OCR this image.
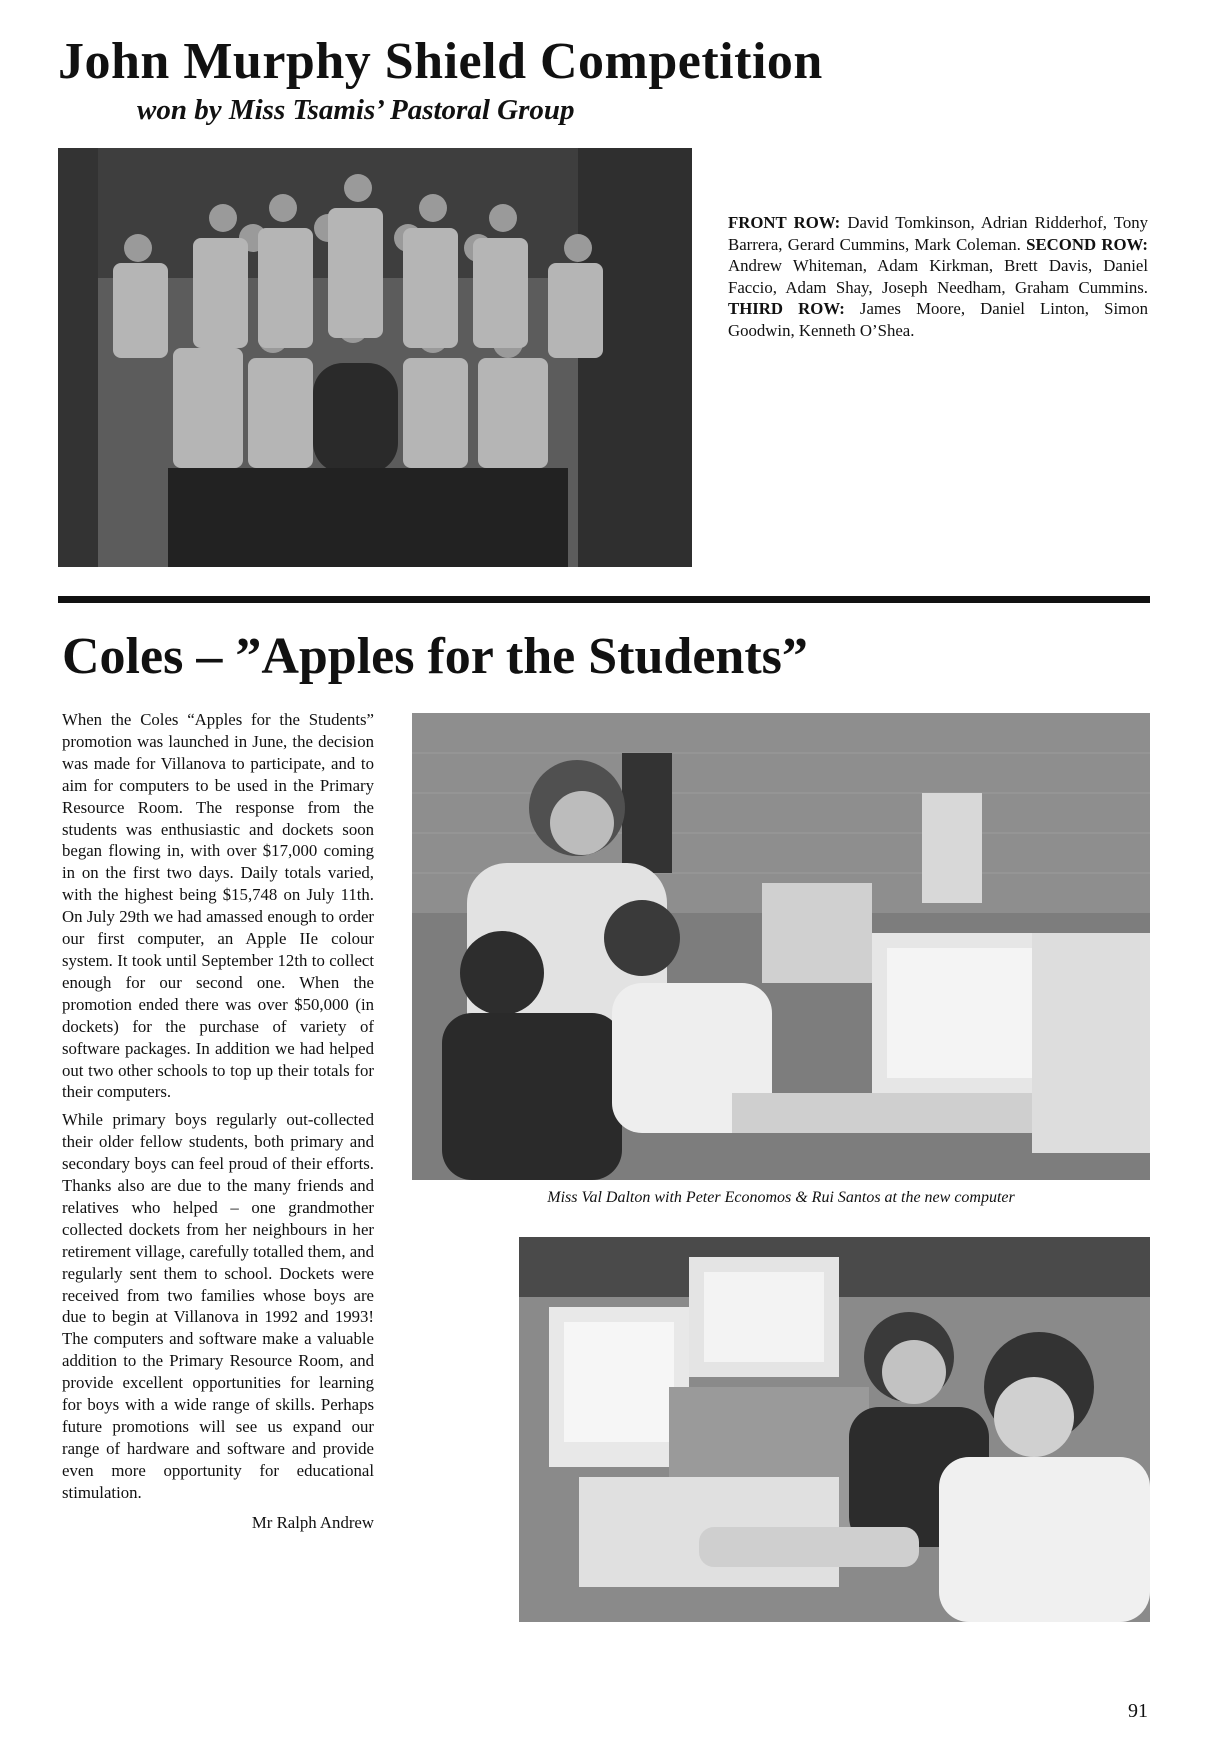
John Murphy Shield Competition
won by Miss Tsamis’ Pastoral Group
FRONT ROW: David Tomkinson, Adrian Ridderhof, Tony Barrera, Gerard Cummins, Mark Coleman. SECOND ROW: Andrew Whiteman, Adam Kirkman, Brett Davis, Daniel Faccio, Adam Shay, Joseph Needham, Graham Cummins. THIRD ROW: James Moore, Daniel Linton, Simon Goodwin, Kenneth O’Shea.
Coles – ”Apples for the Students”

When the Coles “Apples for the Students” promotion was launched in June, the decision was made for Villanova to participate, and to aim for computers to be used in the Primary Resource Room. The response from the students was enthusiastic and dockets soon began flowing in, with over $17,000 coming in on the first two days. Daily totals varied, with the highest being $15,748 on July 11th. On July 29th we had amassed enough to order our first computer, an Apple IIe colour system. It took until September 12th to collect enough for our second one. When the promotion ended there was over $50,000 (in dockets) for the purchase of variety of software packages. In addition we had helped out two other schools to top up their totals for their computers.

While primary boys regularly out-collected their older fellow students, both primary and secondary boys can feel proud of their efforts. Thanks also are due to the many friends and relatives who helped – one grandmother collected dockets from her neighbours in her retirement village, carefully totalled them, and regularly sent them to school. Dockets were received from two families whose boys are due to begin at Villanova in 1992 and 1993! The computers and software make a valuable addition to the Primary Resource Room, and provide excellent opportunities for learning for boys with a wide range of skills. Perhaps future promotions will see us expand our range of hardware and software and provide even more opportunity for educational stimulation.

Mr Ralph Andrew
Miss Val Dalton with Peter Economos & Rui Santos at the new computer
91
